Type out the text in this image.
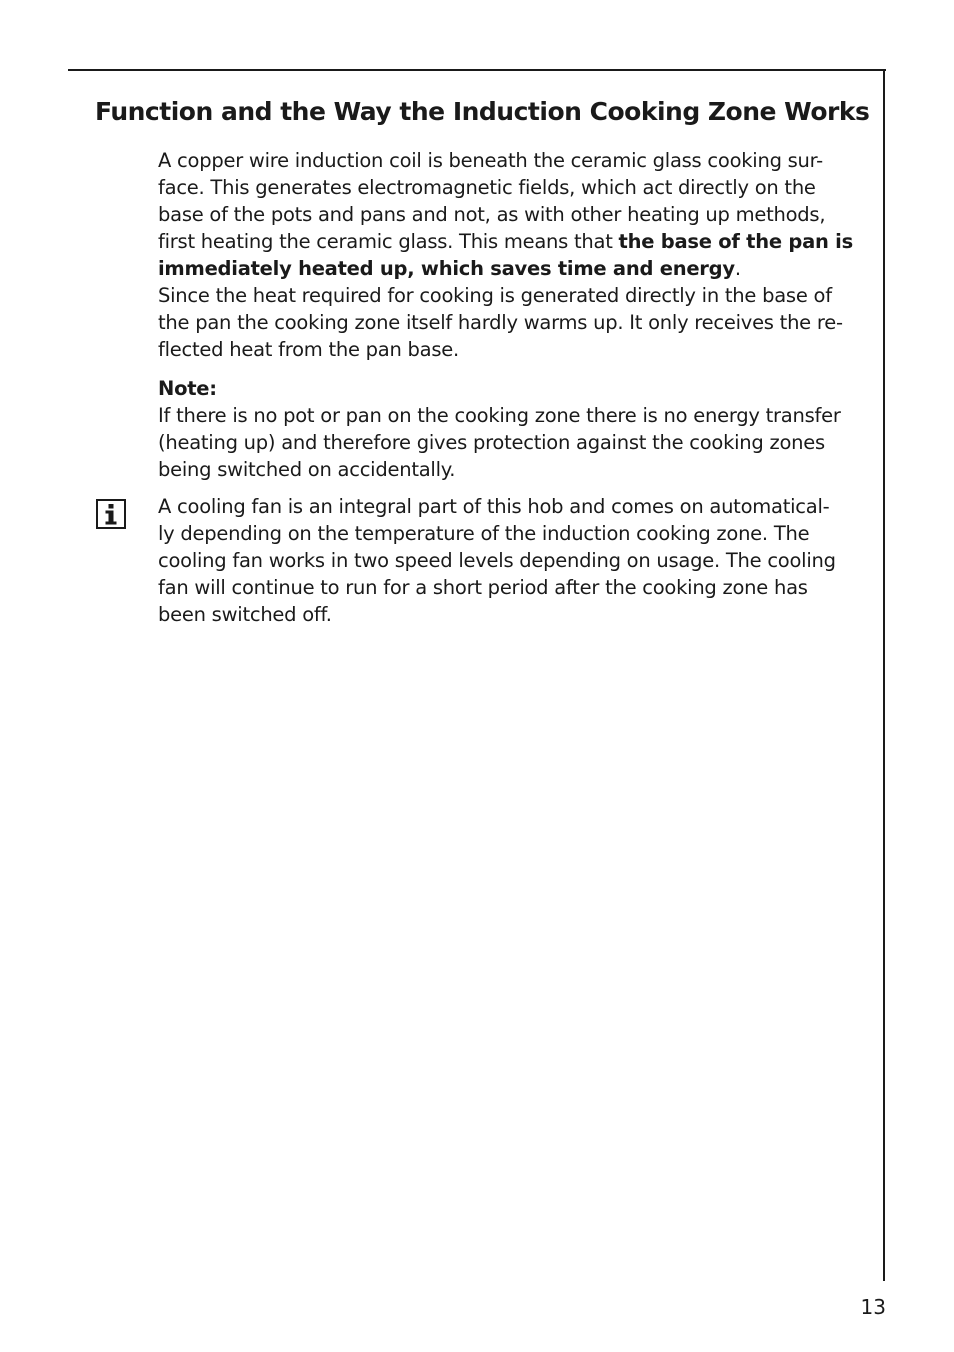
Function and the Way the Induction Cooking Zone Works
A copper wire induction coil is beneath the ceramic glass cooking sur-
face. This generates electromagnetic fields, which act directly on the
base of the pots and pans and not, as with other heating up methods,
first heating the ceramic glass. This means that the base of the pan is
immediately heated up, which saves time and energy.
Since the heat required for cooking is generated directly in the base of
the pan the cooking zone itself hardly warms up. It only receives the re-
flected heat from the pan base.
Note:
If there is no pot or pan on the cooking zone there is no energy transfer
(heating up) and therefore gives protection against the cooking zones
being switched on accidentally.
A cooling fan is an integral part of this hob and comes on automatical-
ly depending on the temperature of the induction cooking zone. The
cooling fan works in two speed levels depending on usage. The cooling
fan will continue to run for a short period after the cooking zone has
been switched off.
13
